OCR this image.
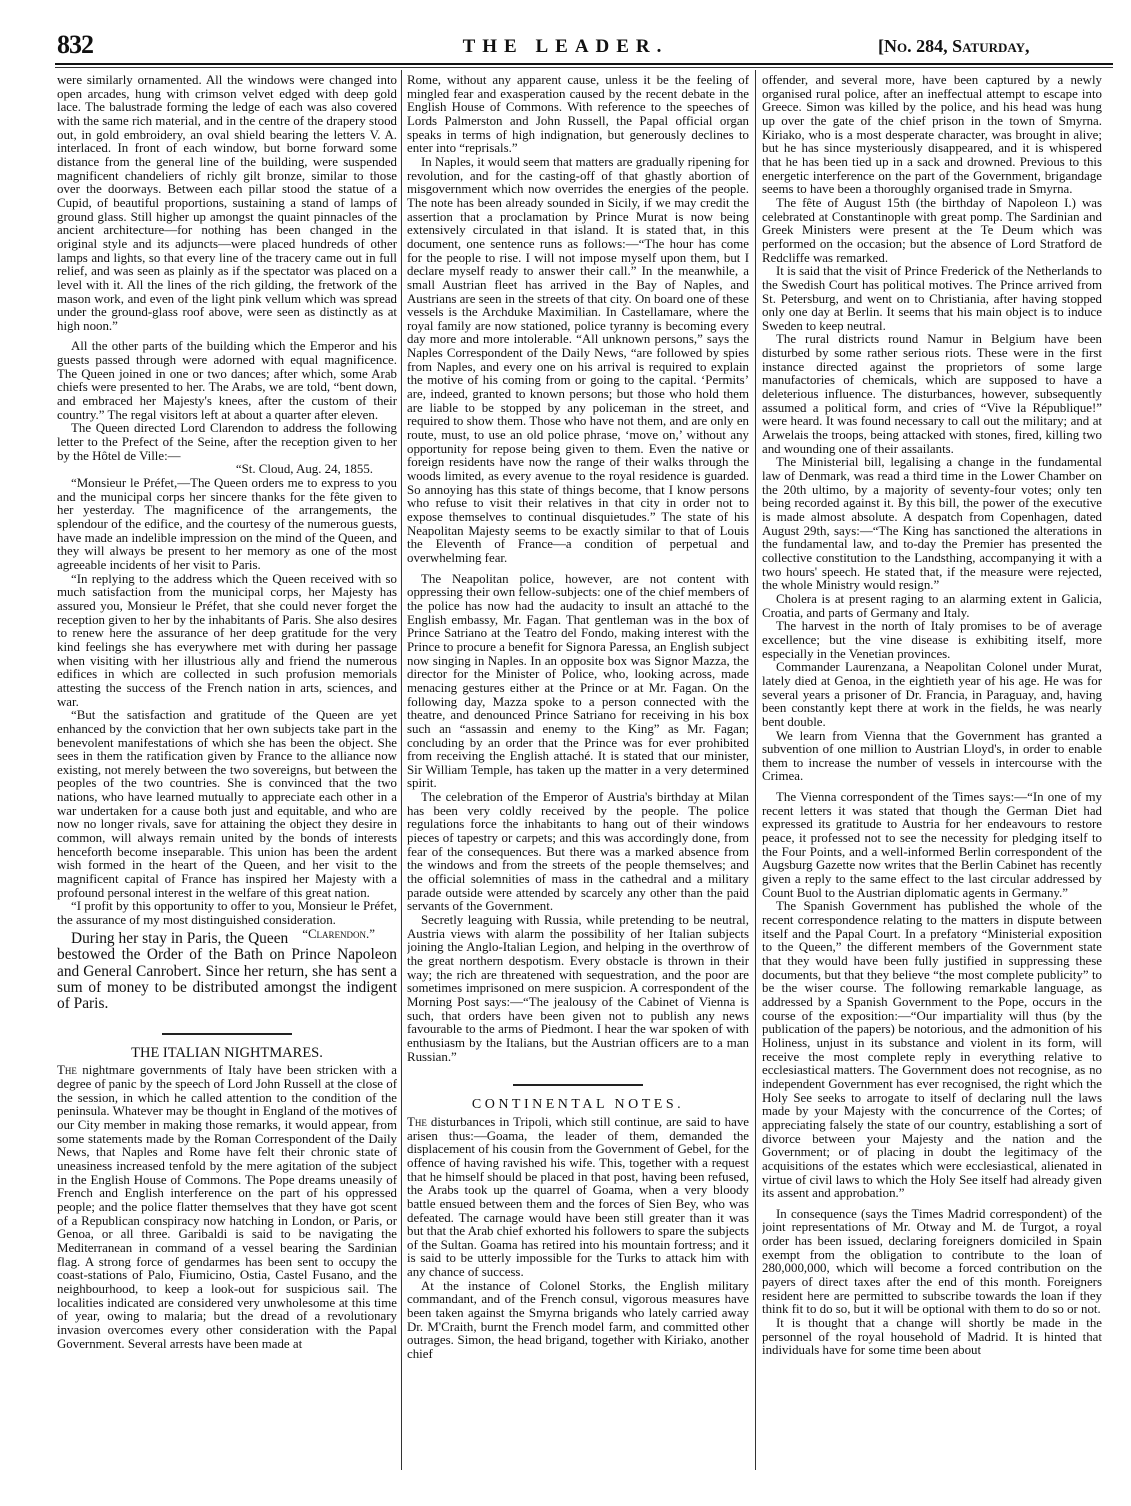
832	THE LEADER.	[No. 284, Saturday,

were similarly ornamented. All the windows were changed into open arcades, hung with crimson velvet edged with deep gold lace. The balustrade forming the ledge of each was also covered with the same rich material, and in the centre of the drapery stood out, in gold embroidery, an oval shield bearing the letters V. A. interlaced. In front of each window, but borne forward some distance from the general line of the building, were suspended magnificent chandeliers of richly gilt bronze, similar to those over the doorways. Between each pillar stood the statue of a Cupid, of beautiful proportions, sustaining a stand of lamps of ground glass. Still higher up amongst the quaint pinnacles of the ancient architecture—for nothing has been changed in the original style and its adjuncts—were placed hundreds of other lamps and lights, so that every line of the tracery came out in full relief, and was seen as plainly as if the spectator was placed on a level with it. All the lines of the rich gilding, the fretwork of the mason work, and even of the light pink vellum which was spread under the ground-glass roof above, were seen as distinctly as at high noon.”

All the other parts of the building which the Emperor and his guests passed through were adorned with equal magnificence. The Queen joined in one or two dances; after which, some Arab chiefs were presented to her. The Arabs, we are told, “bent down, and embraced her Majesty's knees, after the custom of their country.” The regal visitors left at about a quarter after eleven.

The Queen directed Lord Clarendon to address the following letter to the Prefect of the Seine, after the reception given to her by the Hôtel de Ville:—

“St. Cloud, Aug. 24, 1855.

“Monsieur le Préfet,—The Queen orders me to express to you and the municipal corps her sincere thanks for the fête given to her yesterday. The magnificence of the arrangements, the splendour of the edifice, and the courtesy of the numerous guests, have made an indelible impression on the mind of the Queen, and they will always be present to her memory as one of the most agreeable incidents of her visit to Paris.

“In replying to the address which the Queen received with so much satisfaction from the municipal corps, her Majesty has assured you, Monsieur le Préfet, that she could never forget the reception given to her by the inhabitants of Paris. She also desires to renew here the assurance of her deep gratitude for the very kind feelings she has everywhere met with during her passage when visiting with her illustrious ally and friend the numerous edifices in which are collected in such profusion memorials attesting the success of the French nation in arts, sciences, and war.

“But the satisfaction and gratitude of the Queen are yet enhanced by the conviction that her own subjects take part in the benevolent manifestations of which she has been the object. She sees in them the ratification given by France to the alliance now existing, not merely between the two sovereigns, but between the peoples of the two countries. She is convinced that the two nations, who have learned mutually to appreciate each other in a war undertaken for a cause both just and equitable, and who are now no longer rivals, save for attaining the object they desire in common, will always remain united by the bonds of interests henceforth become inseparable. This union has been the ardent wish formed in the heart of the Queen, and her visit to the magnificent capital of France has inspired her Majesty with a profound personal interest in the welfare of this great nation.

“I profit by this opportunity to offer to you, Monsieur le Préfet, the assurance of my most distinguished consideration.
“Clarendon.”

During her stay in Paris, the Queen bestowed the Order of the Bath on Prince Napoleon and General Canrobert. Since her return, she has sent a sum of money to be distributed amongst the indigent of Paris.

THE ITALIAN NIGHTMARES.

The nightmare governments of Italy have been stricken with a degree of panic by the speech of Lord John Russell at the close of the session, in which he called attention to the condition of the peninsula. Whatever may be thought in England of the motives of our City member in making those remarks, it would appear, from some statements made by the Roman Correspondent of the Daily News, that Naples and Rome have felt their chronic state of uneasiness increased tenfold by the mere agitation of the subject in the English House of Commons. The Pope dreams uneasily of French and English interference on the part of his oppressed people; and the police flatter themselves that they have got scent of a Republican conspiracy now hatching in London, or Paris, or Genoa, or all three. Garibaldi is said to be navigating the Mediterranean in command of a vessel bearing the Sardinian flag. A strong force of gendarmes has been sent to occupy the coast-stations of Palo, Fiumicino, Ostia, Castel Fusano, and the neighbourhood, to keep a look-out for suspicious sail. The localities indicated are considered very unwholesome at this time of year, owing to malaria; but the dread of a revolutionary invasion overcomes every other consideration with the Papal Government. Several arrests have been made at

Rome, without any apparent cause, unless it be the feeling of mingled fear and exasperation caused by the recent debate in the English House of Commons. With reference to the speeches of Lords Palmerston and John Russell, the Papal official organ speaks in terms of high indignation, but generously declines to enter into “reprisals.”

In Naples, it would seem that matters are gradually ripening for revolution, and for the casting-off of that ghastly abortion of misgovernment which now overrides the energies of the people. The note has been already sounded in Sicily, if we may credit the assertion that a proclamation by Prince Murat is now being extensively circulated in that island. It is stated that, in this document, one sentence runs as follows:—“The hour has come for the people to rise. I will not impose myself upon them, but I declare myself ready to answer their call.” In the meanwhile, a small Austrian fleet has arrived in the Bay of Naples, and Austrians are seen in the streets of that city. On board one of these vessels is the Archduke Maximilian. In Castellamare, where the royal family are now stationed, police tyranny is becoming every day more and more intolerable. “All unknown persons,” says the Naples Correspondent of the Daily News, “are followed by spies from Naples, and every one on his arrival is required to explain the motive of his coming from or going to the capital. ‘Permits’ are, indeed, granted to known persons; but those who hold them are liable to be stopped by any policeman in the street, and required to show them. Those who have not them, and are only en route, must, to use an old police phrase, ‘move on,’ without any opportunity for repose being given to them. Even the native or foreign residents have now the range of their walks through the woods limited, as every avenue to the royal residence is guarded. So annoying has this state of things become, that I know persons who refuse to visit their relatives in that city in order not to expose themselves to continual disquietudes.” The state of his Neapolitan Majesty seems to be exactly similar to that of Louis the Eleventh of France—a condition of perpetual and overwhelming fear.

The Neapolitan police, however, are not content with oppressing their own fellow-subjects: one of the chief members of the police has now had the audacity to insult an attaché to the English embassy, Mr. Fagan. That gentleman was in the box of Prince Satriano at the Teatro del Fondo, making interest with the Prince to procure a benefit for Signora Paressa, an English subject now singing in Naples. In an opposite box was Signor Mazza, the director for the Minister of Police, who, looking across, made menacing gestures either at the Prince or at Mr. Fagan. On the following day, Mazza spoke to a person connected with the theatre, and denounced Prince Satriano for receiving in his box such an “assassin and enemy to the King” as Mr. Fagan; concluding by an order that the Prince was for ever prohibited from receiving the English attaché. It is stated that our minister, Sir William Temple, has taken up the matter in a very determined spirit.

The celebration of the Emperor of Austria's birthday at Milan has been very coldly received by the people. The police regulations force the inhabitants to hang out of their windows pieces of tapestry or carpets; and this was accordingly done, from fear of the consequences. But there was a marked absence from the windows and from the streets of the people themselves; and the official solemnities of mass in the cathedral and a military parade outside were attended by scarcely any other than the paid servants of the Government.

Secretly leaguing with Russia, while pretending to be neutral, Austria views with alarm the possibility of her Italian subjects joining the Anglo-Italian Legion, and helping in the overthrow of the great northern despotism. Every obstacle is thrown in their way; the rich are threatened with sequestration, and the poor are sometimes imprisoned on mere suspicion. A correspondent of the Morning Post says:—“The jealousy of the Cabinet of Vienna is such, that orders have been given not to publish any news favourable to the arms of Piedmont. I hear the war spoken of with enthusiasm by the Italians, but the Austrian officers are to a man Russian.”

CONTINENTAL NOTES.

The disturbances in Tripoli, which still continue, are said to have arisen thus:—Goama, the leader of them, demanded the displacement of his cousin from the Government of Gebel, for the offence of having ravished his wife. This, together with a request that he himself should be placed in that post, having been refused, the Arabs took up the quarrel of Goama, when a very bloody battle ensued between them and the forces of Sien Bey, who was defeated. The carnage would have been still greater than it was but that the Arab chief exhorted his followers to spare the subjects of the Sultan. Goama has retired into his mountain fortress; and it is said to be utterly impossible for the Turks to attack him with any chance of success.

At the instance of Colonel Storks, the English military commandant, and of the French consul, vigorous measures have been taken against the Smyrna brigands who lately carried away Dr. M'Craith, burnt the French model farm, and committed other outrages. Simon, the head brigand, together with Kiriako, another chief

offender, and several more, have been captured by a newly organised rural police, after an ineffectual attempt to escape into Greece. Simon was killed by the police, and his head was hung up over the gate of the chief prison in the town of Smyrna. Kiriako, who is a most desperate character, was brought in alive; but he has since mysteriously disappeared, and it is whispered that he has been tied up in a sack and drowned. Previous to this energetic interference on the part of the Government, brigandage seems to have been a thoroughly organised trade in Smyrna.

The fête of August 15th (the birthday of Napoleon I.) was celebrated at Constantinople with great pomp. The Sardinian and Greek Ministers were present at the Te Deum which was performed on the occasion; but the absence of Lord Stratford de Redcliffe was remarked.

It is said that the visit of Prince Frederick of the Netherlands to the Swedish Court has political motives. The Prince arrived from St. Petersburg, and went on to Christiania, after having stopped only one day at Berlin. It seems that his main object is to induce Sweden to keep neutral.

The rural districts round Namur in Belgium have been disturbed by some rather serious riots. These were in the first instance directed against the proprietors of some large manufactories of chemicals, which are supposed to have a deleterious influence. The disturbances, however, subsequently assumed a political form, and cries of “Vive la République!” were heard. It was found necessary to call out the military; and at Arwelais the troops, being attacked with stones, fired, killing two and wounding one of their assailants.

The Ministerial bill, legalising a change in the fundamental law of Denmark, was read a third time in the Lower Chamber on the 20th ultimo, by a majority of seventy-four votes; only ten being recorded against it. By this bill, the power of the executive is made almost absolute. A despatch from Copenhagen, dated August 29th, says:—“The King has sanctioned the alterations in the fundamental law, and to-day the Premier has presented the collective constitution to the Landsthing, accompanying it with a two hours' speech. He stated that, if the measure were rejected, the whole Ministry would resign.”

Cholera is at present raging to an alarming extent in Galicia, Croatia, and parts of Germany and Italy.

The harvest in the north of Italy promises to be of average excellence; but the vine disease is exhibiting itself, more especially in the Venetian provinces.

Commander Laurenzana, a Neapolitan Colonel under Murat, lately died at Genoa, in the eightieth year of his age. He was for several years a prisoner of Dr. Francia, in Paraguay, and, having been constantly kept there at work in the fields, he was nearly bent double.

We learn from Vienna that the Government has granted a subvention of one million to Austrian Lloyd's, in order to enable them to increase the number of vessels in intercourse with the Crimea.

The Vienna correspondent of the Times says:—“In one of my recent letters it was stated that though the German Diet had expressed its gratitude to Austria for her endeavours to restore peace, it professed not to see the necessity for pledging itself to the Four Points, and a well-informed Berlin correspondent of the Augsburg Gazette now writes that the Berlin Cabinet has recently given a reply to the same effect to the last circular addressed by Count Buol to the Austrian diplomatic agents in Germany.”

The Spanish Government has published the whole of the recent correspondence relating to the matters in dispute between itself and the Papal Court. In a prefatory “Ministerial exposition to the Queen,” the different members of the Government state that they would have been fully justified in suppressing these documents, but that they believe “the most complete publicity” to be the wiser course. The following remarkable language, as addressed by a Spanish Government to the Pope, occurs in the course of the exposition:—“Our impartiality will thus (by the publication of the papers) be notorious, and the admonition of his Holiness, unjust in its substance and violent in its form, will receive the most complete reply in everything relative to ecclesiastical matters. The Government does not recognise, as no independent Government has ever recognised, the right which the Holy See seeks to arrogate to itself of declaring null the laws made by your Majesty with the concurrence of the Cortes; of appreciating falsely the state of our country, establishing a sort of divorce between your Majesty and the nation and the Government; or of placing in doubt the legitimacy of the acquisitions of the estates which were ecclesiastical, alienated in virtue of civil laws to which the Holy See itself had already given its assent and approbation.”

In consequence (says the Times Madrid correspondent) of the joint representations of Mr. Otway and M. de Turgot, a royal order has been issued, declaring foreigners domiciled in Spain exempt from the obligation to contribute to the loan of 280,000,000, which will become a forced contribution on the payers of direct taxes after the end of this month. Foreigners resident here are permitted to subscribe towards the loan if they think fit to do so, but it will be optional with them to do so or not.

It is thought that a change will shortly be made in the personnel of the royal household of Madrid. It is hinted that individuals have for some time been about
